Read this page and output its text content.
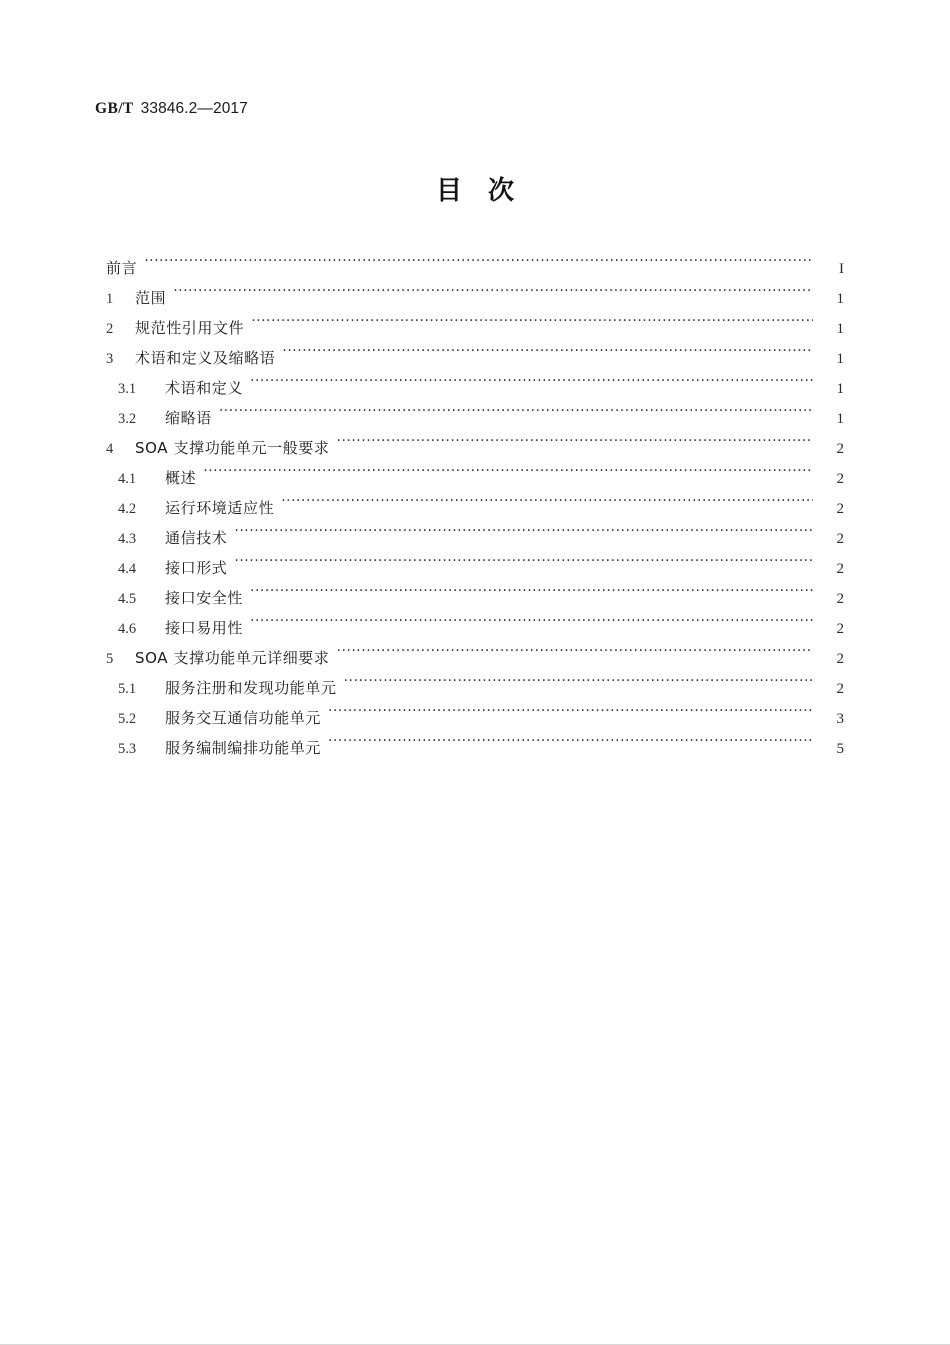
GB/T 33846.2—2017
目次
前言 ·····	I
1	范围 ·····	1
2	规范性引用文件 ·····	1
3	术语和定义及缩略语 ·····	1
3.1	术语和定义 ·····	1
3.2	缩略语 ·····	1
4	SOA 支撑功能单元一般要求 ·····	2
4.1	概述 ·····	2
4.2	运行环境适应性 ·····	2
4.3	通信技术 ·····	2
4.4	接口形式 ·····	2
4.5	接口安全性 ·····	2
4.6	接口易用性 ·····	2
5	SOA 支撑功能单元详细要求 ·····	2
5.1	服务注册和发现功能单元 ·····	2
5.2	服务交互通信功能单元 ·····	3
5.3	服务编制编排功能单元 ·····	5
